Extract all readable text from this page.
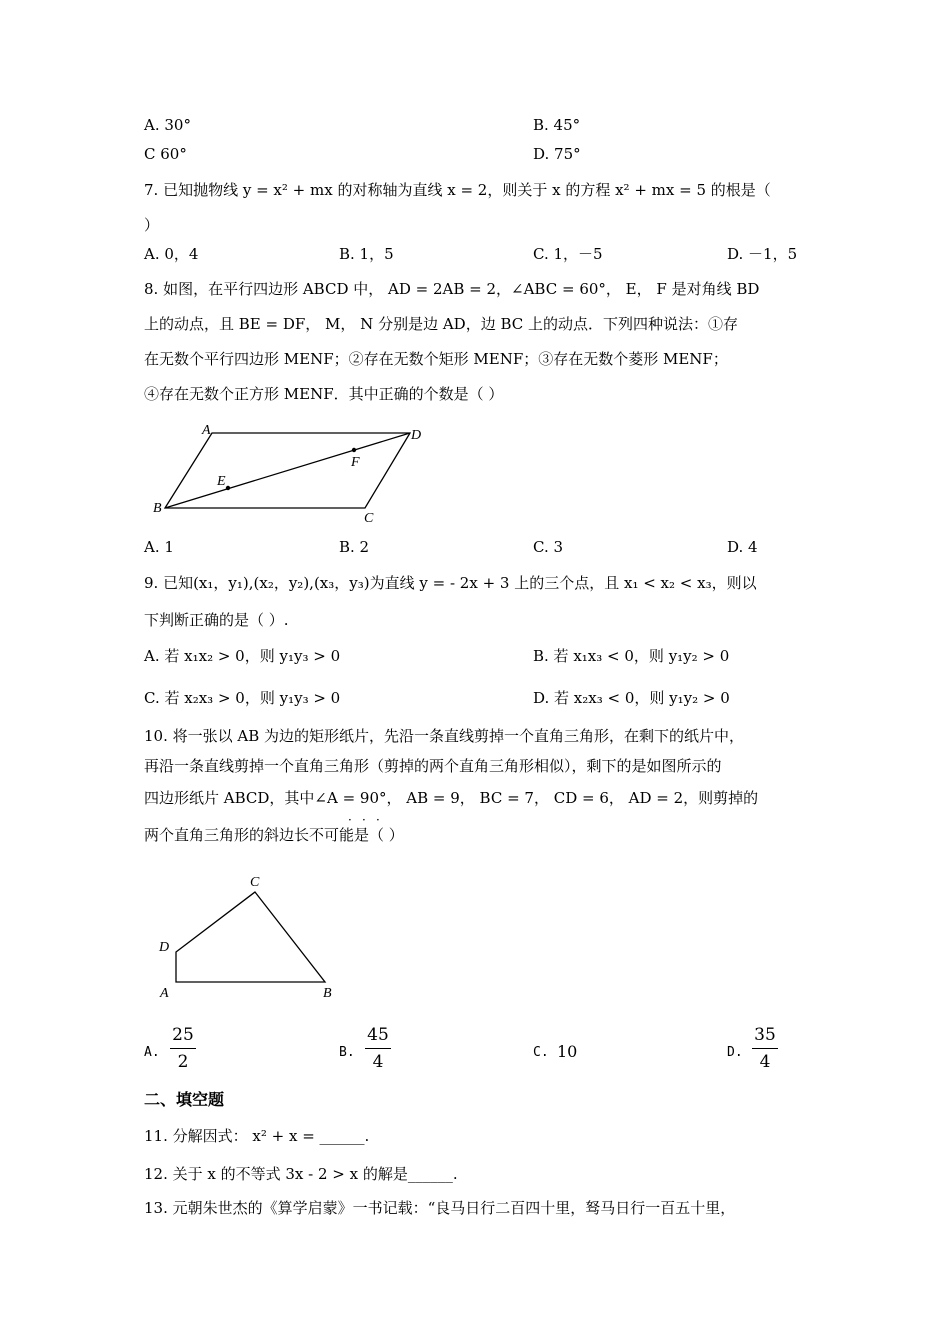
A. 30°	B. 45°
C 60°	D. 75°
7. 已知抛物线 y = x² + mx 的对称轴为直线 x = 2，则关于 x 的方程 x² + mx = 5 的根是（
）
A. 0，4	B. 1，5	C. 1，－5	D. －1，5
8. 如图，在平行四边形 ABCD 中， AD = 2AB = 2，∠ABC = 60°， E， F 是对角线 BD
上的动点，且 BE = DF， M， N 分别是边 AD，边 BC 上的动点．下列四种说法：①存
在无数个平行四边形 MENF；②存在无数个矩形 MENF；③存在无数个菱形 MENF；
④存在无数个正方形 MENF．其中正确的个数是（ ）
A	D
B
C
E
F
A. 1	B. 2	C. 3	D. 4
9. 已知(x₁，y₁),(x₂，y₂),(x₃，y₃)为直线 y = - 2x + 3 上的三个点，且 x₁ < x₂ < x₃，则以
下判断正确的是（ ）.
A. 若 x₁x₂ > 0，则 y₁y₃ > 0	B. 若 x₁x₃ < 0，则 y₁y₂ > 0
C. 若 x₂x₃ > 0，则 y₁y₃ > 0	D. 若 x₂x₃ < 0，则 y₁y₂ > 0
10. 将一张以 AB 为边的矩形纸片，先沿一条直线剪掉一个直角三角形，在剩下的纸片中，
再沿一条直线剪掉一个直角三角形（剪掉的两个直角三角形相似），剩下的是如图所示的
四边形纸片 ABCD，其中∠A = 90°， AB = 9， BC = 7， CD = 6， AD = 2，则剪掉的
· · ·
两个直角三角形的斜边长不可能是（ ）
C
D
A	B
A.
25
2	B.
45
4	C. 10	D.
35
4
二、填空题
11. 分解因式： x² + x = ______.
12. 关于 x 的不等式 3x - 2 > x 的解是______.
13. 元朝朱世杰的《算学启蒙》一书记载：“良马日行二百四十里，驽马日行一百五十里，
